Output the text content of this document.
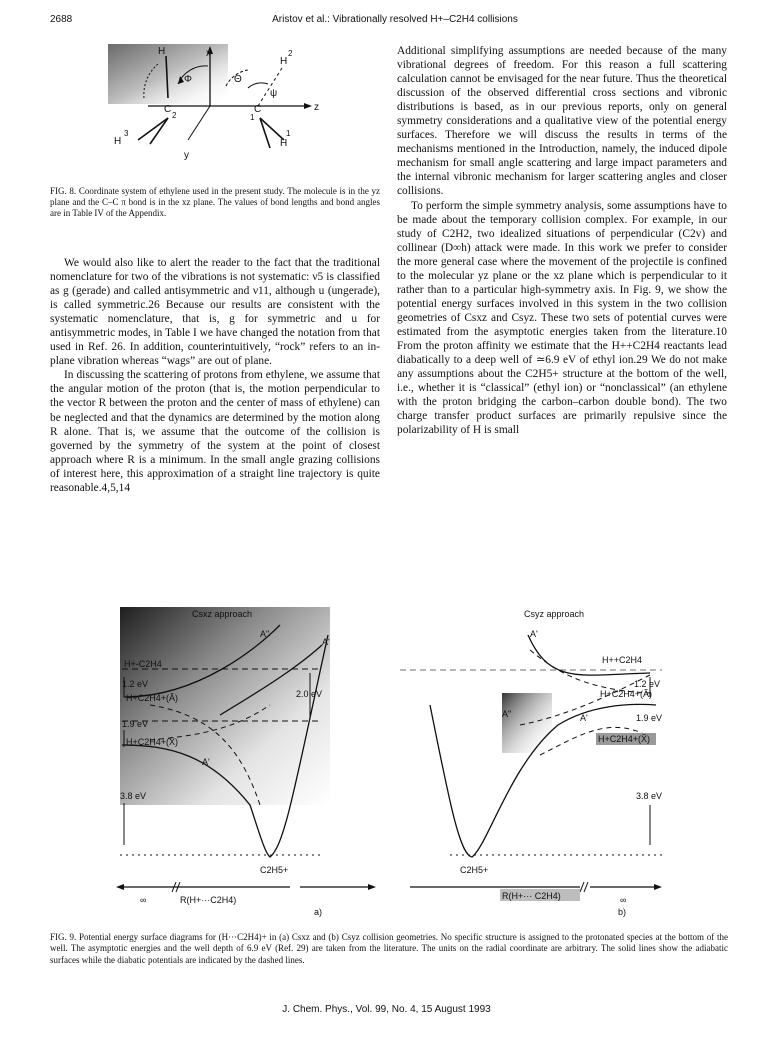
2688	Aristov et al.: Vibrationally resolved H+–C2H4 collisions
x
H
2
H
Φ	Θ
ψ
C
2
C
1
z
3
H
1
H
y
FIG. 8. Coordinate system of ethylene used in the present study. The molecule is in the yz plane and the C–C π bond is in the xz plane. The values of bond lengths and bond angles are in Table IV of the Appendix.

Additional simplifying assumptions are needed because of the many vibrational degrees of freedom. For this reason a full scattering calculation cannot be envisaged for the near future. Thus the theoretical discussion of the observed differential cross sections and vibronic distributions is based, as in our previous reports, only on general symmetry considerations and a qualitative view of the potential energy surfaces. Therefore we will discuss the results in terms of the mechanisms mentioned in the Introduction, namely, the induced dipole mechanism for small angle scattering and large impact parameters and the internal vibronic mechanism for larger scattering angles and closer collisions.

To perform the simple symmetry analysis, some assumptions have to be made about the temporary collision complex. For example, in our study of C2H2, two idealized situations of perpendicular (C2v) and collinear (D∞h) attack were made. In this work we prefer to consider the more general case where the movement of the projectile is confined to the molecular yz plane or the xz plane which is perpendicular to it rather than to a particular high-symmetry axis. In Fig. 9, we show the potential energy surfaces involved in this system in the two collision geometries of Csxz and Csyz. These two sets of potential curves were estimated from the asymptotic energies taken from the literature.10 From the proton affinity we estimate that the H++C2H4 reactants lead diabatically to a deep well of ≃6.9 eV of ethyl ion.29 We do not make any assumptions about the C2H5+ structure at the bottom of the well, i.e., whether it is “classical” (ethyl ion) or “nonclassical” (an ethylene with the proton bridging the carbon–carbon double bond). The two charge transfer product surfaces are primarily repulsive since the polarizability of H is small

We would also like to alert the reader to the fact that the traditional nomenclature for two of the vibrations is not systematic: ν5 is classified as g (gerade) and called antisymmetric and ν11, although u (ungerade), is called symmetric.26 Because our results are consistent with the systematic nomenclature, that is, g for symmetric and u for antisymmetric modes, in Table I we have changed the notation from that used in Ref. 26. In addition, counterintuitively, “rock” refers to an in-plane vibration whereas “wags” are out of plane.

In discussing the scattering of protons from ethylene, we assume that the angular motion of the proton (that is, the motion perpendicular to the vector R between the proton and the center of mass of ethylene) can be neglected and that the dynamics are determined by the motion along R alone. That is, we assume that the outcome of the collision is governed by the symmetry of the system at the point of closest approach where R is a minimum. In the small angle grazing collisions of interest here, this approximation of a straight line trajectory is quite reasonable.4,5,14

Csxz approach
A"
A'
H+-C2H4
1.2 eV
H+C2H4+(Ã)	2.0 eV
1.9 eV
H+C2H4+(X̃)
A'
3.8 eV
C2H5+
∞	R(H+···C2H4)
a)
Csyz approach
A'
H++C2H4
1.2 eV
H+C2H4+(Ã)
A"	A'	1.9 eV
H+C2H4+(X̃)
3.8 eV
C2H5+
R(H+··· C2H4)	∞
b)
FIG. 9. Potential energy surface diagrams for (H···C2H4)+ in (a) Csxz and (b) Csyz collision geometries. No specific structure is assigned to the protonated species at the bottom of the well. The asymptotic energies and the well depth of 6.9 eV (Ref. 29) are taken from the literature. The units on the radial coordinate are arbitrary. The solid lines show the adiabatic surfaces while the diabatic potentials are indicated by the dashed lines.
J. Chem. Phys., Vol. 99, No. 4, 15 August 1993
